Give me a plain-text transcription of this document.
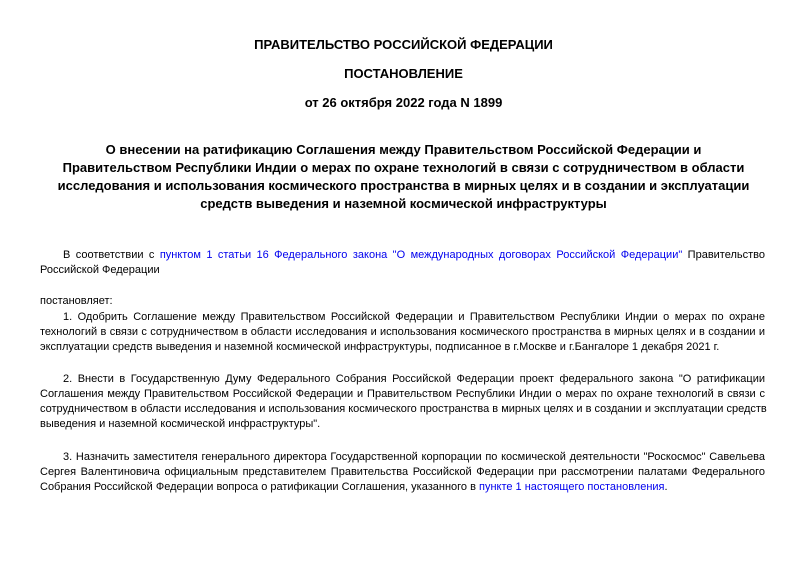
ПРАВИТЕЛЬСТВО РОССИЙСКОЙ ФЕДЕРАЦИИ
ПОСТАНОВЛЕНИЕ
от 26 октября 2022 года N 1899
О внесении на ратификацию Соглашения между Правительством Российской Федерации и
Правительством Республики Индии о мерах по охране технологий в связи с сотрудничеством в области
исследования и использования космического пространства в мирных целях и в создании и эксплуатации
средств выведения и наземной космической инфраструктуры
В соответствии с пунктом 1 статьи 16 Федерального закона "О международных договорах Российской Федерации" Правительство
Российской Федерации
постановляет:
1. Одобрить Соглашение между Правительством Российской Федерации и Правительством Республики Индии о мерах по охране
технологий в связи с сотрудничеством в области исследования и использования космического пространства в мирных целях и в создании и
эксплуатации средств выведения и наземной космической инфраструктуры, подписанное в г.Москве и г.Бангалоре 1 декабря 2021 г.
2. Внести в Государственную Думу Федерального Собрания Российской Федерации проект федерального закона "О ратификации
Соглашения между Правительством Российской Федерации и Правительством Республики Индии о мерах по охране технологий в связи с
сотрудничеством в области исследования и использования космического пространства в мирных целях и в создании и эксплуатации средств
выведения и наземной космической инфраструктуры".
3. Назначить заместителя генерального директора Государственной корпорации по космической деятельности "Роскосмос" Савельева
Сергея Валентиновича официальным представителем Правительства Российской Федерации при рассмотрении палатами Федерального
Собрания Российской Федерации вопроса о ратификации Соглашения, указанного в пункте 1 настоящего постановления.
